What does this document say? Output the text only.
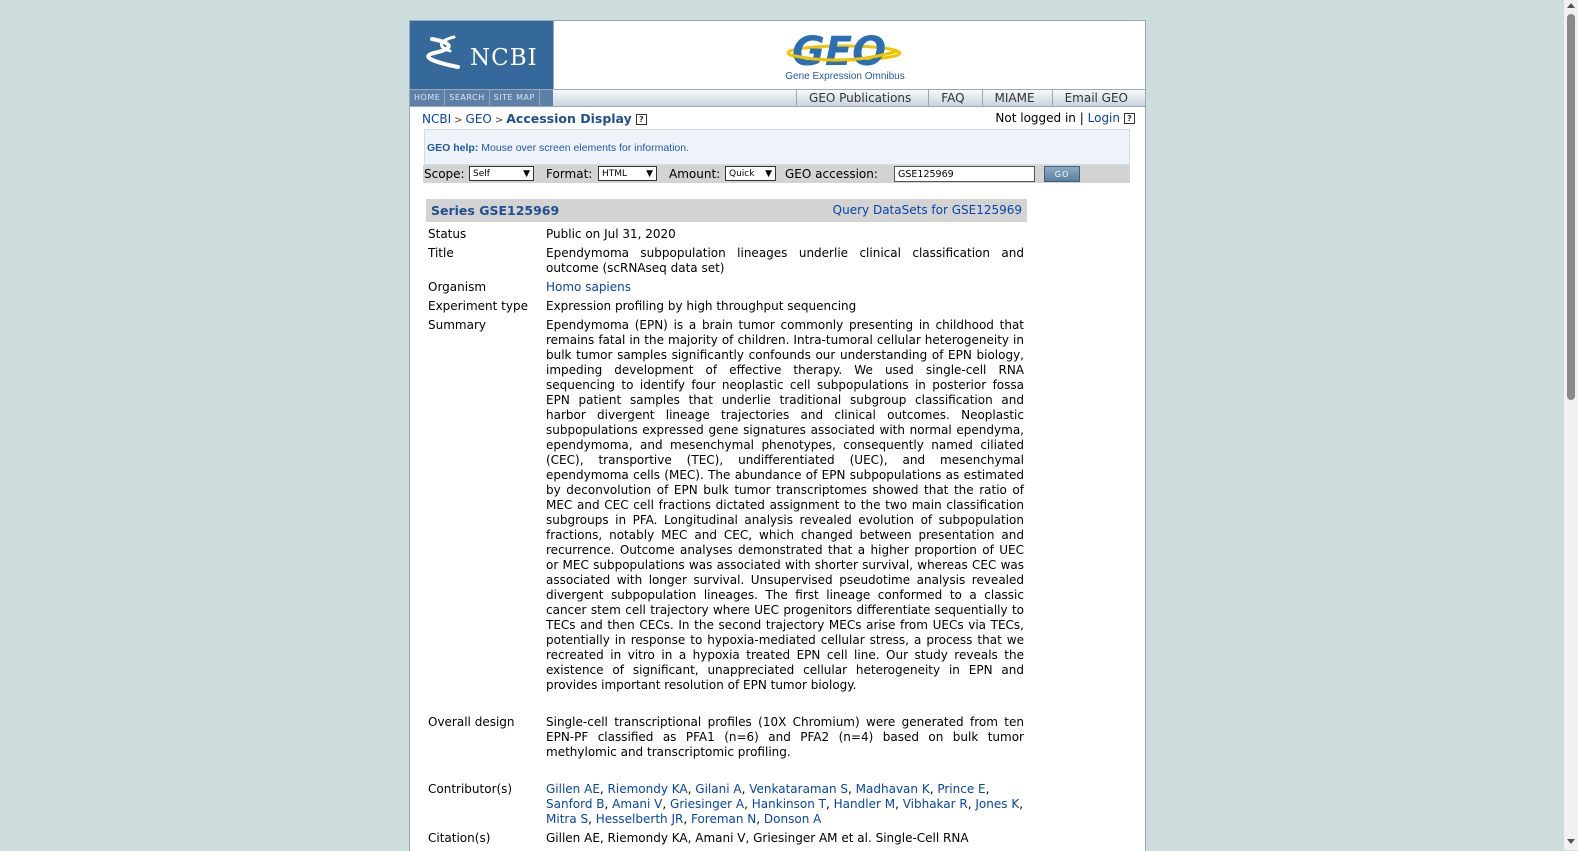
NCBI	GEO
Gene Expression Omnibus
HOME	SEARCH	SITE MAP	GEO Publications	FAQ	MIAME	Email GEO
NCBI > GEO > Accession Display ?	Not logged in | Login ?
GEO help: Mouse over screen elements for information.
Scope: Self	▼ Format:	HTML ▼ Amount: Quick ▼ GEO accession:	GSE125969	GO
Series GSE125969	Query DataSets for GSE125969
Status	Public on Jul 31, 2020
Title	Ependymoma subpopulation lineages underlie clinical classification and outcome (scRNAseq data set)
Organism	Homo sapiens
Experiment type	Expression profiling by high throughput sequencing
Summary	Ependymoma (EPN) is a brain tumor commonly presenting in childhood that remains fatal in the majority of children. Intra-tumoral cellular heterogeneity in bulk tumor samples significantly confounds our understanding of EPN biology, impeding development of effective therapy. We used single-cell RNA sequencing to identify four neoplastic cell subpopulations in posterior fossa EPN patient samples that underlie traditional subgroup classification and harbor divergent lineage trajectories and clinical outcomes. Neoplastic subpopulations expressed gene signatures associated with normal ependyma, ependymoma, and mesenchymal phenotypes, consequently named ciliated (CEC), transportive (TEC), undifferentiated (UEC), and mesenchymal ependymoma cells (MEC). The abundance of EPN subpopulations as estimated by deconvolution of EPN bulk tumor transcriptomes showed that the ratio of MEC and CEC cell fractions dictated assignment to the two main classification subgroups in PFA. Longitudinal analysis revealed evolution of subpopulation fractions, notably MEC and CEC, which changed between presentation and recurrence. Outcome analyses demonstrated that a higher proportion of UEC or MEC subpopulations was associated with shorter survival, whereas CEC was associated with longer survival. Unsupervised pseudotime analysis revealed divergent subpopulation lineages. The first lineage conformed to a classic cancer stem cell trajectory where UEC progenitors differentiate sequentially to TECs and then CECs. In the second trajectory MECs arise from UECs via TECs, potentially in response to hypoxia-mediated cellular stress, a process that we recreated in vitro in a hypoxia treated EPN cell line. Our study reveals the existence of significant, unappreciated cellular heterogeneity in EPN and provides important resolution of EPN tumor biology.
Overall design	Single-cell transcriptional profiles (10X Chromium) were generated from ten EPN-PF classified as PFA1 (n=6) and PFA2 (n=4) based on bulk tumor methylomic and transcriptomic profiling.
Contributor(s)	Gillen AE, Riemondy KA, Gilani A, Venkataraman S, Madhavan K, Prince E, Sanford B, Amani V, Griesinger A, Hankinson T, Handler M, Vibhakar R, Jones K, Mitra S, Hesselberth JR, Foreman N, Donson A
Citation(s)	Gillen AE, Riemondy KA, Amani V, Griesinger AM et al. Single-Cell RNA
